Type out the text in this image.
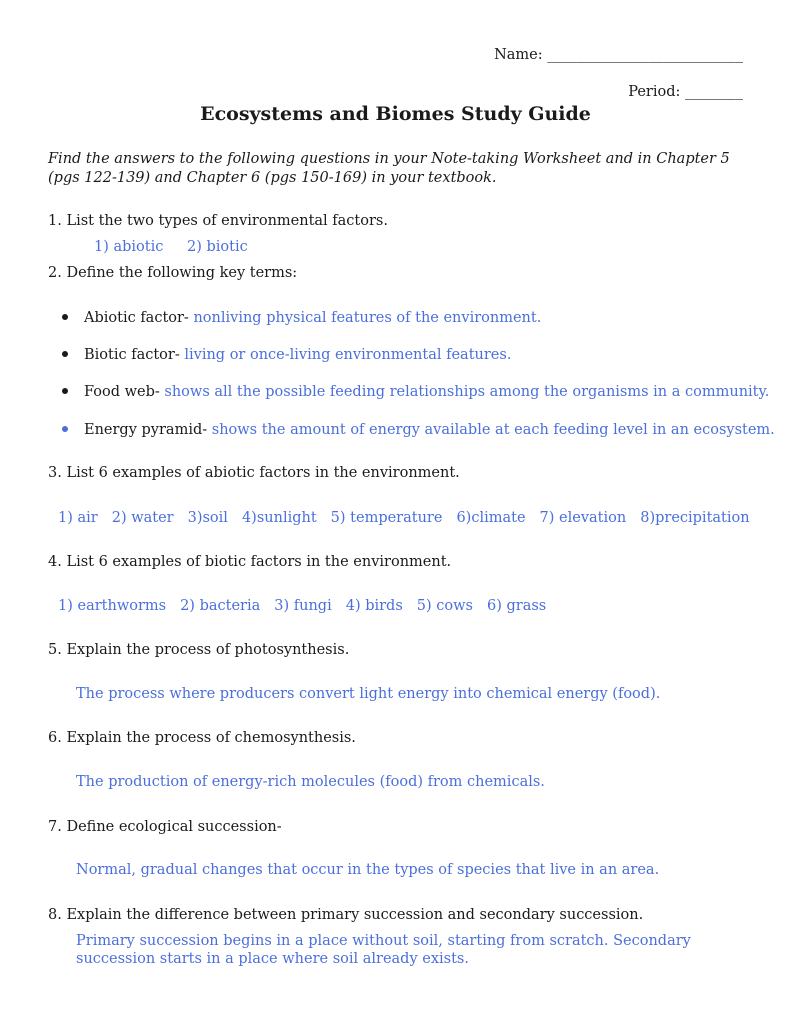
Name: ___________________________
Period: ________
Ecosystems and Biomes Study Guide
Find the answers to the following questions in your Note-taking Worksheet and in Chapter 5 (pgs 122-139) and Chapter 6 (pgs 150-169) in your textbook.
1. List the two types of environmental factors.
1) abiotic 2) biotic
2. Define the following key terms:
Abiotic factor- nonliving physical features of the environment.
Biotic factor- living or once-living environmental features.
Food web- shows all the possible feeding relationships among the organisms in a community.
Energy pyramid- shows the amount of energy available at each feeding level in an ecosystem.
3. List 6 examples of abiotic factors in the environment.
1) air 2) water 3)soil 4)sunlight 5) temperature 6)climate 7) elevation 8)precipitation
4. List 6 examples of biotic factors in the environment.
1) earthworms 2) bacteria 3) fungi 4) birds 5) cows 6) grass
5. Explain the process of photosynthesis.
The process where producers convert light energy into chemical energy (food).
6. Explain the process of chemosynthesis.
The production of energy-rich molecules (food) from chemicals.
7. Define ecological succession-
Normal, gradual changes that occur in the types of species that live in an area.
8. Explain the difference between primary succession and secondary succession.
Primary succession begins in a place without soil, starting from scratch. Secondary succession starts in a place where soil already exists.
